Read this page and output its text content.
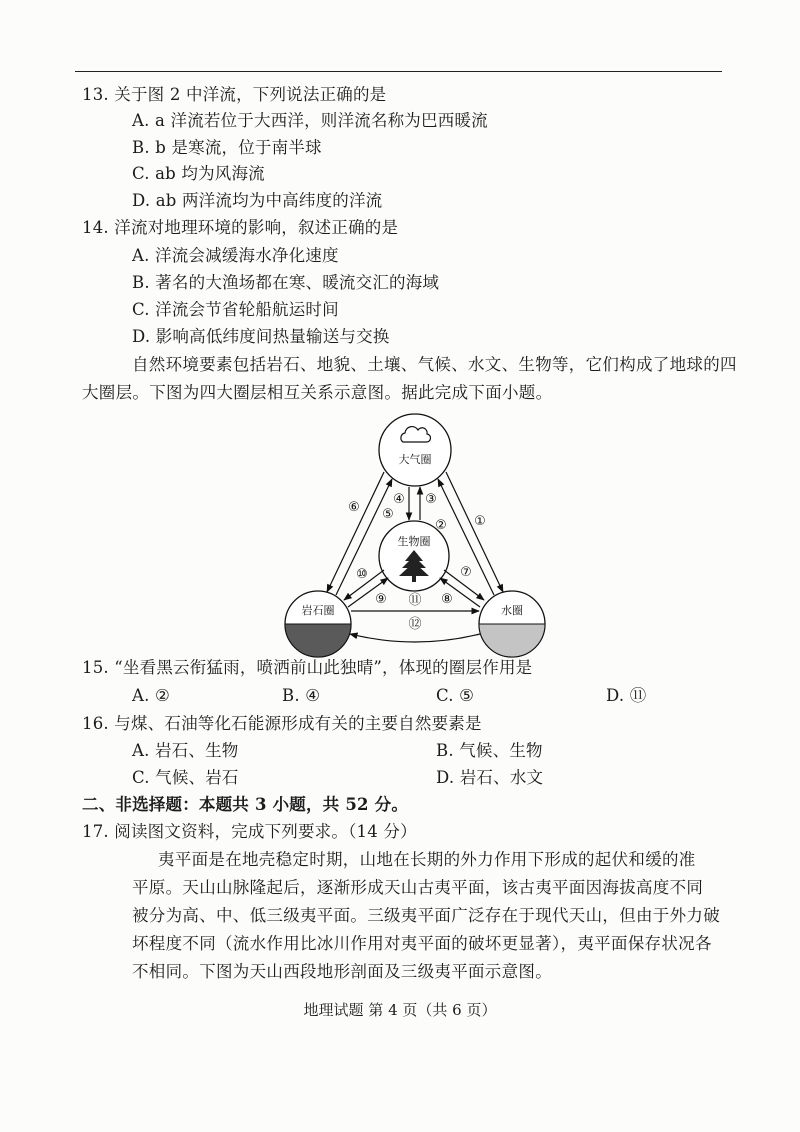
13. 关于图 2 中洋流，下列说法正确的是
A. a 洋流若位于大西洋，则洋流名称为巴西暖流
B. b 是寒流，位于南半球
C. ab 均为风海流
D. ab 两洋流均为中高纬度的洋流
14. 洋流对地理环境的影响，叙述正确的是
A. 洋流会减缓海水净化速度
B. 著名的大渔场都在寒、暖流交汇的海域
C. 洋流会节省轮船航运时间
D. 影响高低纬度间热量输送与交换
自然环境要素包括岩石、地貌、土壤、气候、水文、生物等，它们构成了地球的四
大圈层。下图为四大圈层相互关系示意图。据此完成下面小题。
大气圈
生物圈
岩石圈	水圈
④ ③
⑥ ⑤
② ①
⑩
⑨
⑦
⑧
⑪
⑫
15. “坐看黑云衔猛雨，喷洒前山此独晴”，体现的圈层作用是
A. ②	B. ④	C. ⑤	D. ⑪
16. 与煤、石油等化石能源形成有关的主要自然要素是
A. 岩石、生物	B. 气候、生物
C. 气候、岩石	D. 岩石、水文
二、非选择题：本题共 3 小题，共 52 分。
17. 阅读图文资料，完成下列要求。（14 分）
夷平面是在地壳稳定时期，山地在长期的外力作用下形成的起伏和缓的准
平原。天山山脉隆起后，逐渐形成天山古夷平面，该古夷平面因海拔高度不同
被分为高、中、低三级夷平面。三级夷平面广泛存在于现代天山，但由于外力破
坏程度不同（流水作用比冰川作用对夷平面的破坏更显著），夷平面保存状况各
不相同。下图为天山西段地形剖面及三级夷平面示意图。
地理试题 第 4 页（共 6 页）
